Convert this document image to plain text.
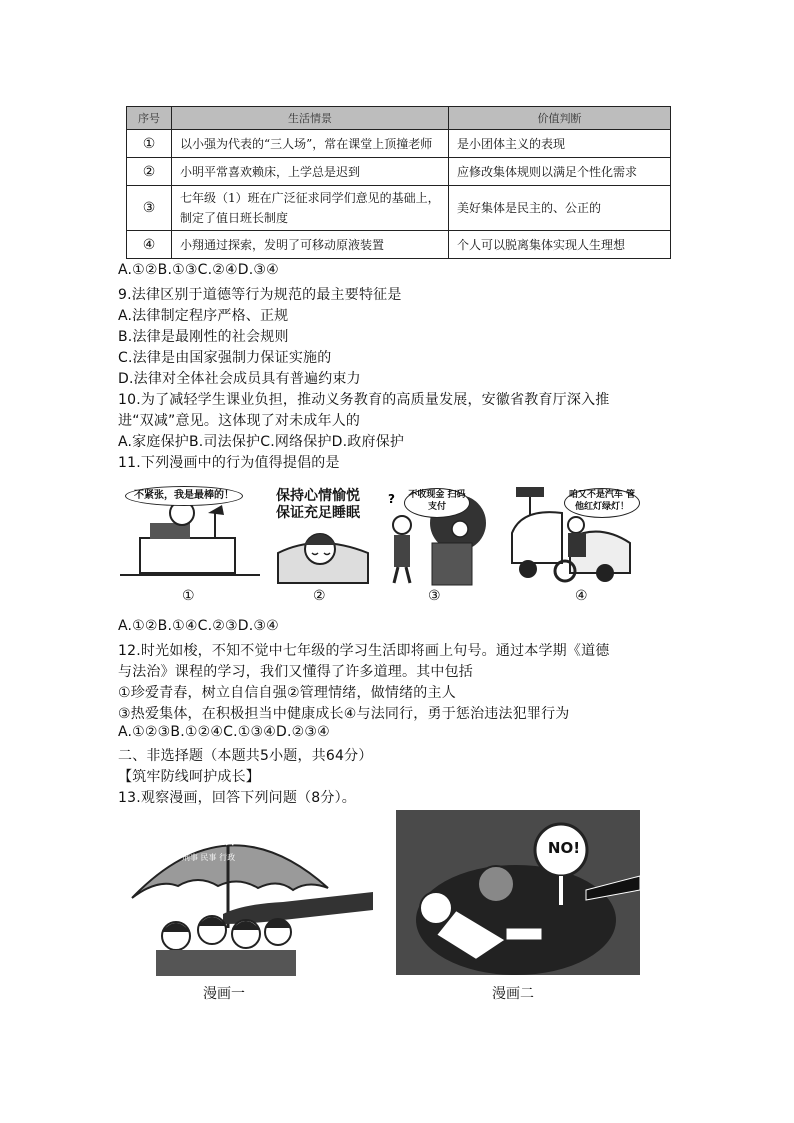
序号	生活情景	价值判断
①	以小强为代表的“三人场”，常在课堂上顶撞老师	是小团体主义的表现
②	小明平常喜欢赖床，上学总是迟到	应修改集体规则以满足个性化需求
③	七年级（1）班在广泛征求同学们意见的基础上，制定了值日班长制度	美好集体是民主的、公正的
④	小翔通过探索，发明了可移动原液装置	个人可以脱离集体实现人生理想
A.①②B.①③C.②④D.③④
9.法律区别于道德等行为规范的最主要特征是
A.法律制定程序严格、正规
B.法律是最刚性的社会规则
C.法律是由国家强制力保证实施的
D.法律对全体社会成员具有普遍约束力
10.为了减轻学生课业负担，推动义务教育的高质量发展，安徽省教育厅深入推
进“双减”意见。这体现了对未成年人的
A.家庭保护B.司法保护C.网络保护D.政府保护
11.下列漫画中的行为值得提倡的是
不紧张，我是最棒的！
①
保持心情愉悦 保证充足睡眠
②
?	不收现金 扫码支付
③
咱又不是汽车 管他红灯绿灯！
④
A.①②B.①④C.②③D.③④
12.时光如梭，不知不觉中七年级的学习生活即将画上句号。通过本学期《道德
与法治》课程的学习，我们又懂得了许多道理。其中包括
①珍爱青春，树立自信自强②管理情绪，做情绪的主人
③热爱集体，在积极担当中健康成长④与法同行，勇于惩治违法犯罪行为
A.①②③B.①②④C.①③④D.②③④
二、非选择题（本题共5小题，共64分）
【筑牢防线呵护成长】
13.观察漫画，回答下列问题（8分）。
公益 诉讼
刑事 民事 行政
漫画一
NO!
漫画二
